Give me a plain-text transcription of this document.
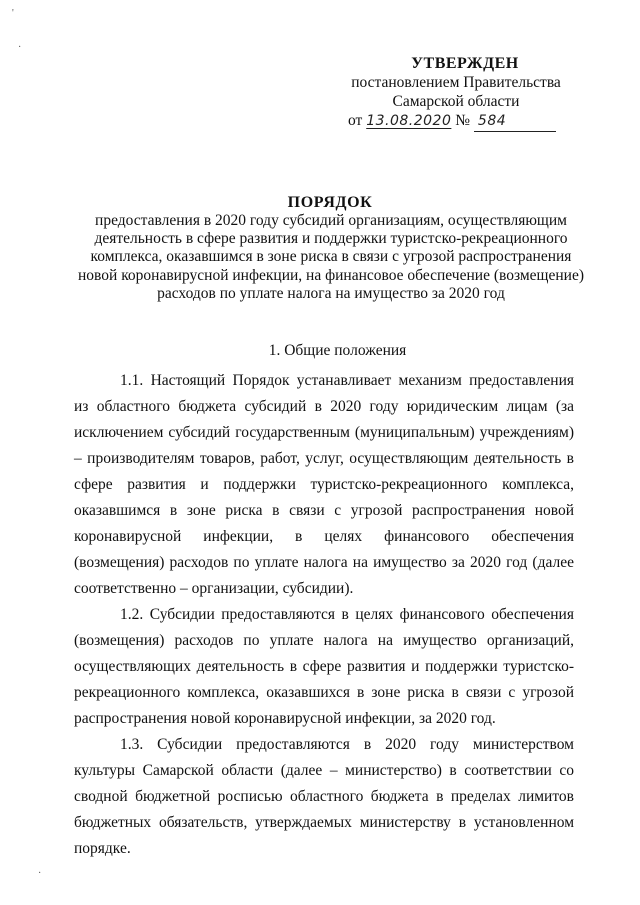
'
·
·
УТВЕРЖДЕН
постановлением Правительства
Самарской области
от 13.08.2020 № 584
ПОРЯДОК
предоставления в 2020 году субсидий организациям, осуществляющим деятельность в сфере развития и поддержки туристско-рекреационного комплекса, оказавшимся в зоне риска в связи с угрозой распространения новой коронавирусной инфекции, на финансовое обеспечение (возмещение) расходов по уплате налога на имущество за 2020 год
1. Общие положения

1.1. Настоящий Порядок устанавливает механизм предоставления из областного бюджета субсидий в 2020 году юридическим лицам (за исключением субсидий государственным (муниципальным) учреждениям) – производителям товаров, работ, услуг, осуществляющим деятельность в сфере развития и поддержки туристско-рекреационного комплекса, оказавшимся в зоне риска в связи с угрозой распространения новой коронавирусной инфекции, в целях финансового обеспечения (возмещения) расходов по уплате налога на имущество за 2020 год (далее соответственно – организации, субсидии).

1.2. Субсидии предоставляются в целях финансового обеспечения (возмещения) расходов по уплате налога на имущество организаций, осуществляющих деятельность в сфере развития и поддержки туристско-рекреационного комплекса, оказавшихся в зоне риска в связи с угрозой распространения новой коронавирусной инфекции, за 2020 год.

1.3. Субсидии предоставляются в 2020 году министерством культуры Самарской области (далее – министерство) в соответствии со сводной бюджетной росписью областного бюджета в пределах лимитов бюджетных обязательств, утверждаемых министерству в установленном порядке.
